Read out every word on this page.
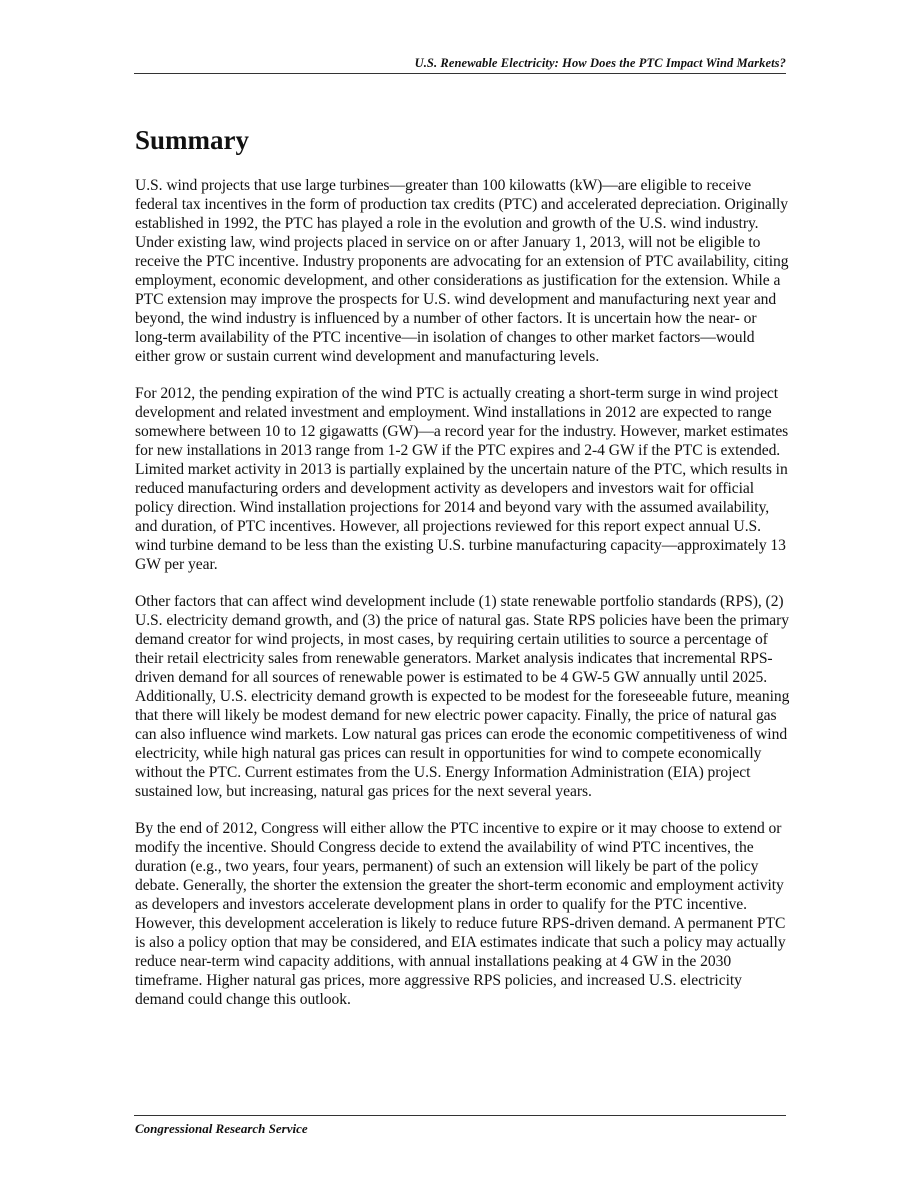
U.S. Renewable Electricity: How Does the PTC Impact Wind Markets?
Summary

U.S. wind projects that use large turbines—greater than 100 kilowatts (kW)—are eligible to receive federal tax incentives in the form of production tax credits (PTC) and accelerated depreciation. Originally established in 1992, the PTC has played a role in the evolution and growth of the U.S. wind industry. Under existing law, wind projects placed in service on or after January 1, 2013, will not be eligible to receive the PTC incentive. Industry proponents are advocating for an extension of PTC availability, citing employment, economic development, and other considerations as justification for the extension. While a PTC extension may improve the prospects for U.S. wind development and manufacturing next year and beyond, the wind industry is influenced by a number of other factors. It is uncertain how the near- or long-term availability of the PTC incentive—in isolation of changes to other market factors—would either grow or sustain current wind development and manufacturing levels.

For 2012, the pending expiration of the wind PTC is actually creating a short-term surge in wind project development and related investment and employment. Wind installations in 2012 are expected to range somewhere between 10 to 12 gigawatts (GW)—a record year for the industry. However, market estimates for new installations in 2013 range from 1-2 GW if the PTC expires and 2-4 GW if the PTC is extended. Limited market activity in 2013 is partially explained by the uncertain nature of the PTC, which results in reduced manufacturing orders and development activity as developers and investors wait for official policy direction. Wind installation projections for 2014 and beyond vary with the assumed availability, and duration, of PTC incentives. However, all projections reviewed for this report expect annual U.S. wind turbine demand to be less than the existing U.S. turbine manufacturing capacity—approximately 13 GW per year.

Other factors that can affect wind development include (1) state renewable portfolio standards (RPS), (2) U.S. electricity demand growth, and (3) the price of natural gas. State RPS policies have been the primary demand creator for wind projects, in most cases, by requiring certain utilities to source a percentage of their retail electricity sales from renewable generators. Market analysis indicates that incremental RPS-driven demand for all sources of renewable power is estimated to be 4 GW-5 GW annually until 2025. Additionally, U.S. electricity demand growth is expected to be modest for the foreseeable future, meaning that there will likely be modest demand for new electric power capacity. Finally, the price of natural gas can also influence wind markets. Low natural gas prices can erode the economic competitiveness of wind electricity, while high natural gas prices can result in opportunities for wind to compete economically without the PTC. Current estimates from the U.S. Energy Information Administration (EIA) project sustained low, but increasing, natural gas prices for the next several years.

By the end of 2012, Congress will either allow the PTC incentive to expire or it may choose to extend or modify the incentive. Should Congress decide to extend the availability of wind PTC incentives, the duration (e.g., two years, four years, permanent) of such an extension will likely be part of the policy debate. Generally, the shorter the extension the greater the short-term economic and employment activity as developers and investors accelerate development plans in order to qualify for the PTC incentive. However, this development acceleration is likely to reduce future RPS-driven demand. A permanent PTC is also a policy option that may be considered, and EIA estimates indicate that such a policy may actually reduce near-term wind capacity additions, with annual installations peaking at 4 GW in the 2030 timeframe. Higher natural gas prices, more aggressive RPS policies, and increased U.S. electricity demand could change this outlook.

Congressional Research Service
